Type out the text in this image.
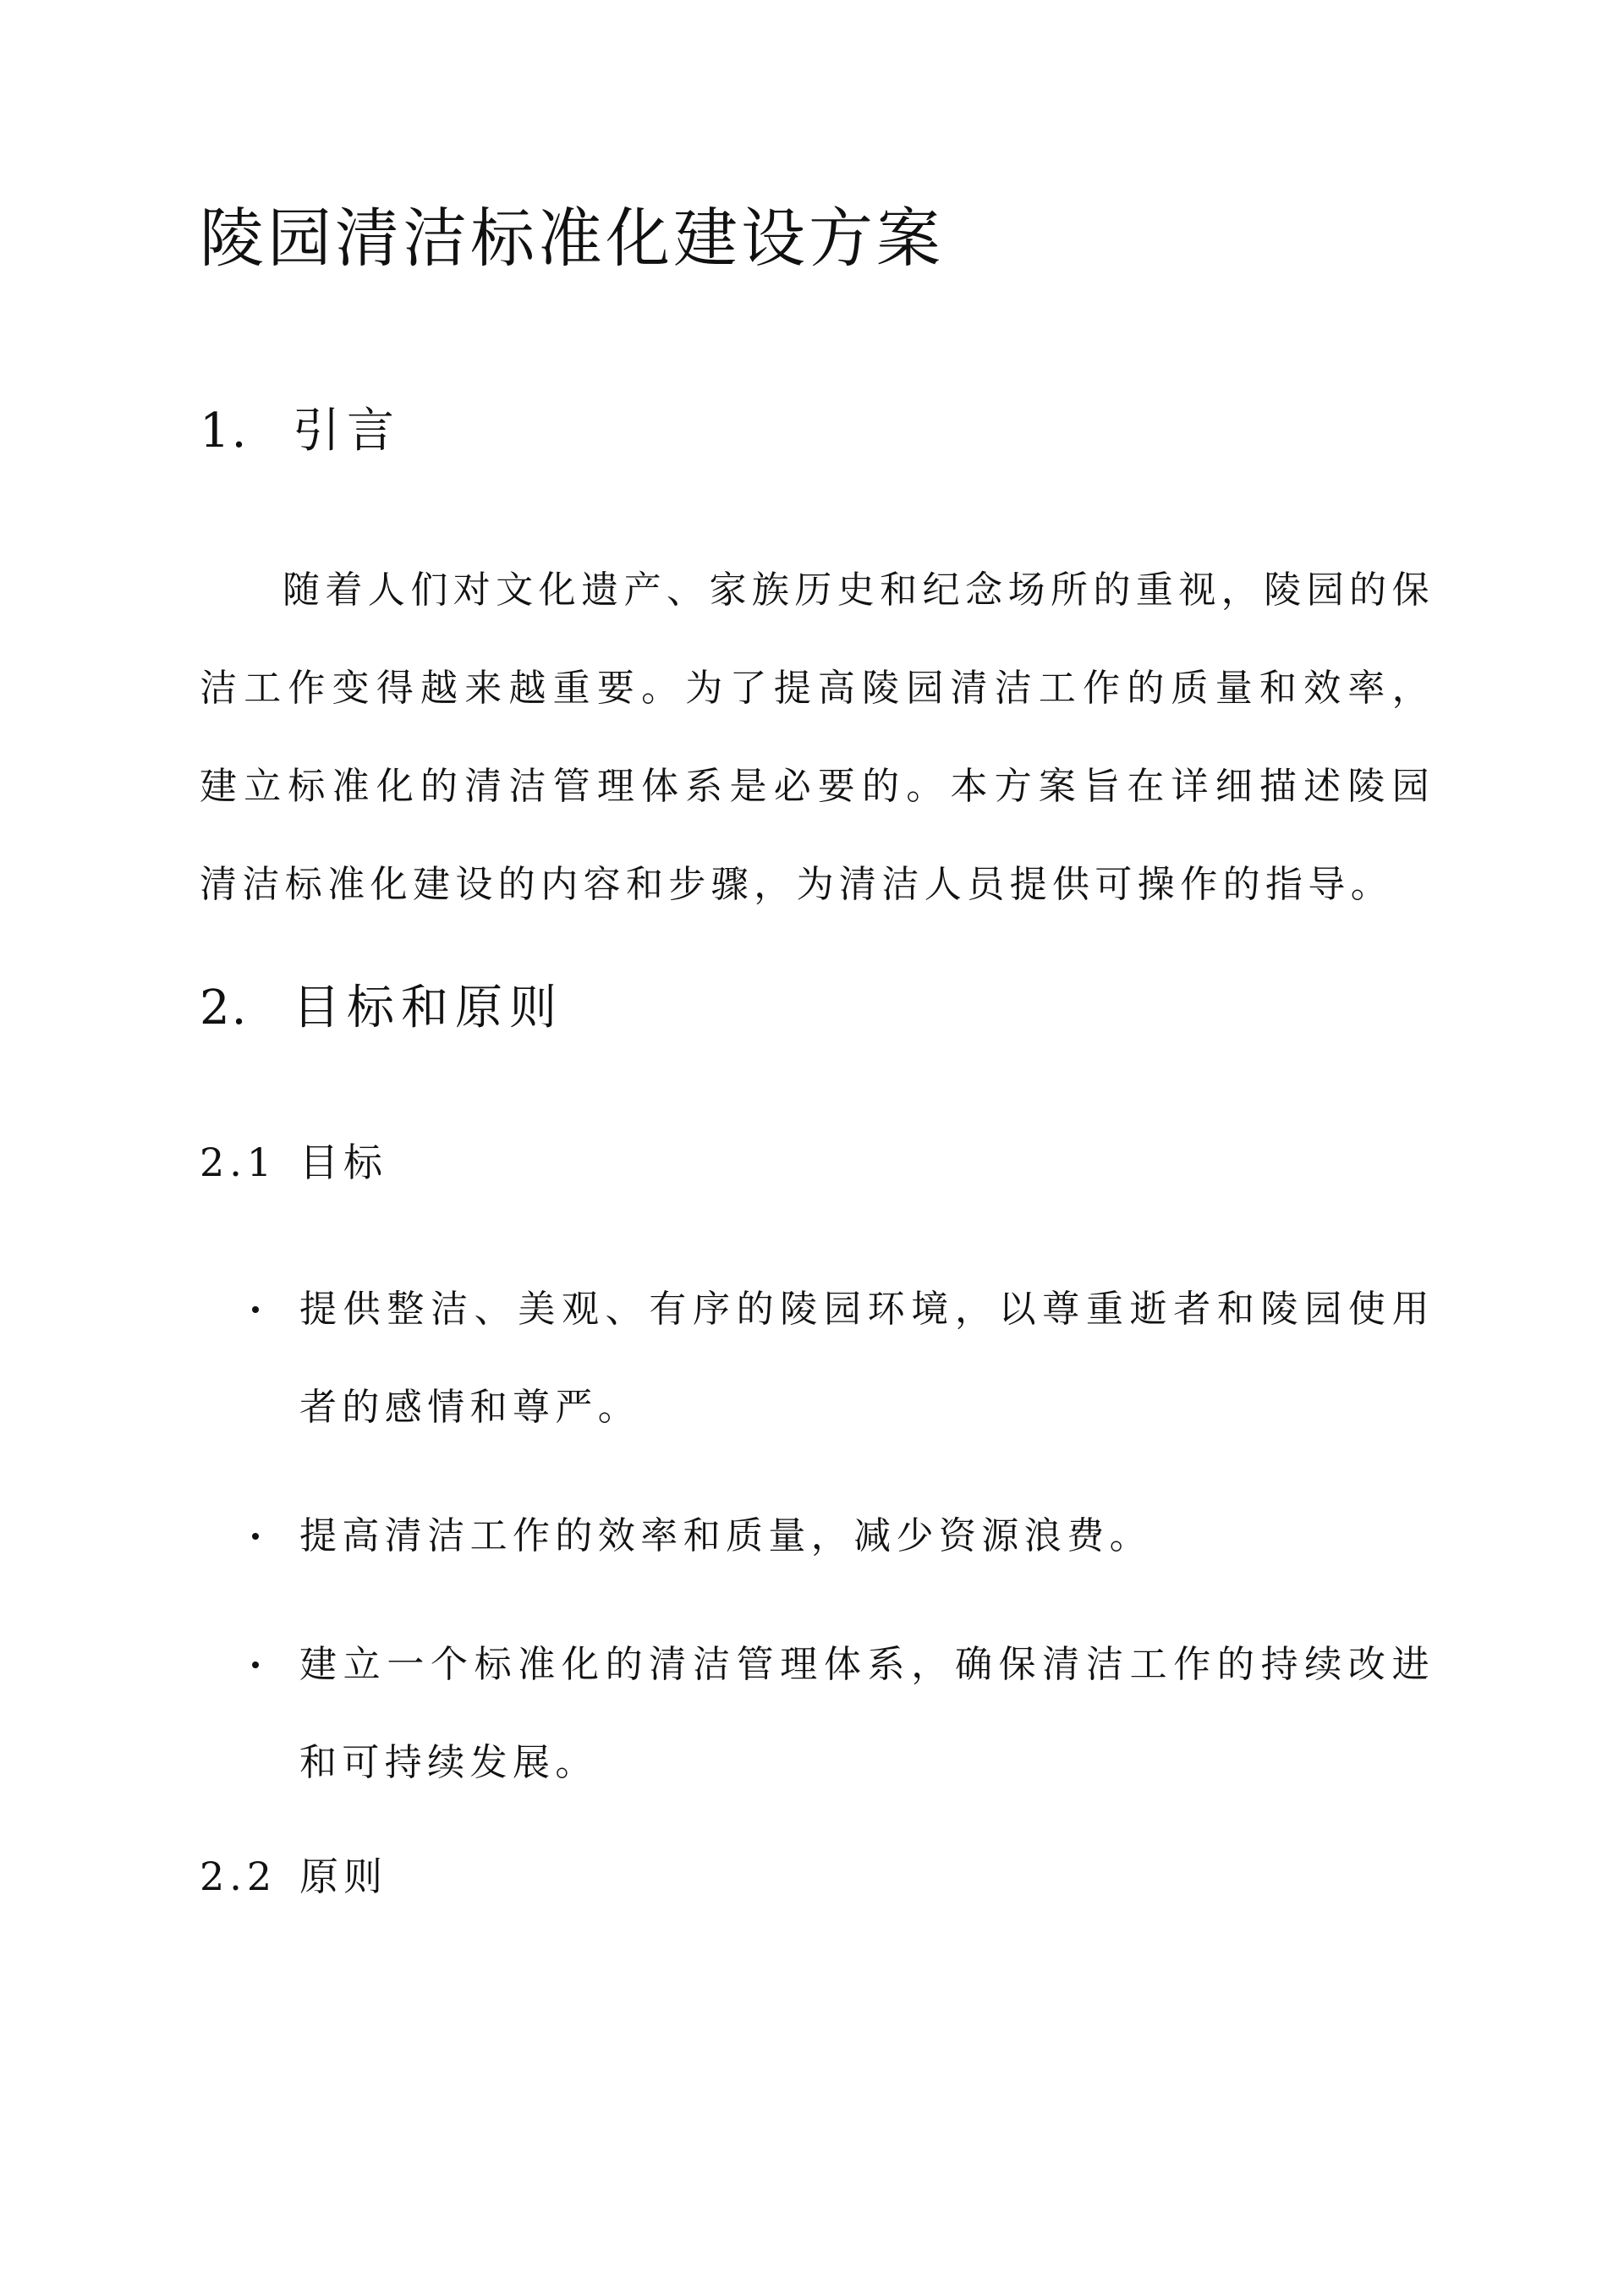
陵园清洁标准化建设方案
1. 引言

随着人们对文化遗产、家族历史和纪念场所的重视，陵园的保洁工作变得越来越重要。为了提高陵园清洁工作的质量和效率，建立标准化的清洁管理体系是必要的。本方案旨在详细描述陵园清洁标准化建设的内容和步骤，为清洁人员提供可操作的指导。

2. 目标和原则
2.1 目标
提供整洁、美观、有序的陵园环境，以尊重逝者和陵园使用者的感情和尊严。
提高清洁工作的效率和质量，减少资源浪费。
建立一个标准化的清洁管理体系，确保清洁工作的持续改进和可持续发展。
2.2 原则
